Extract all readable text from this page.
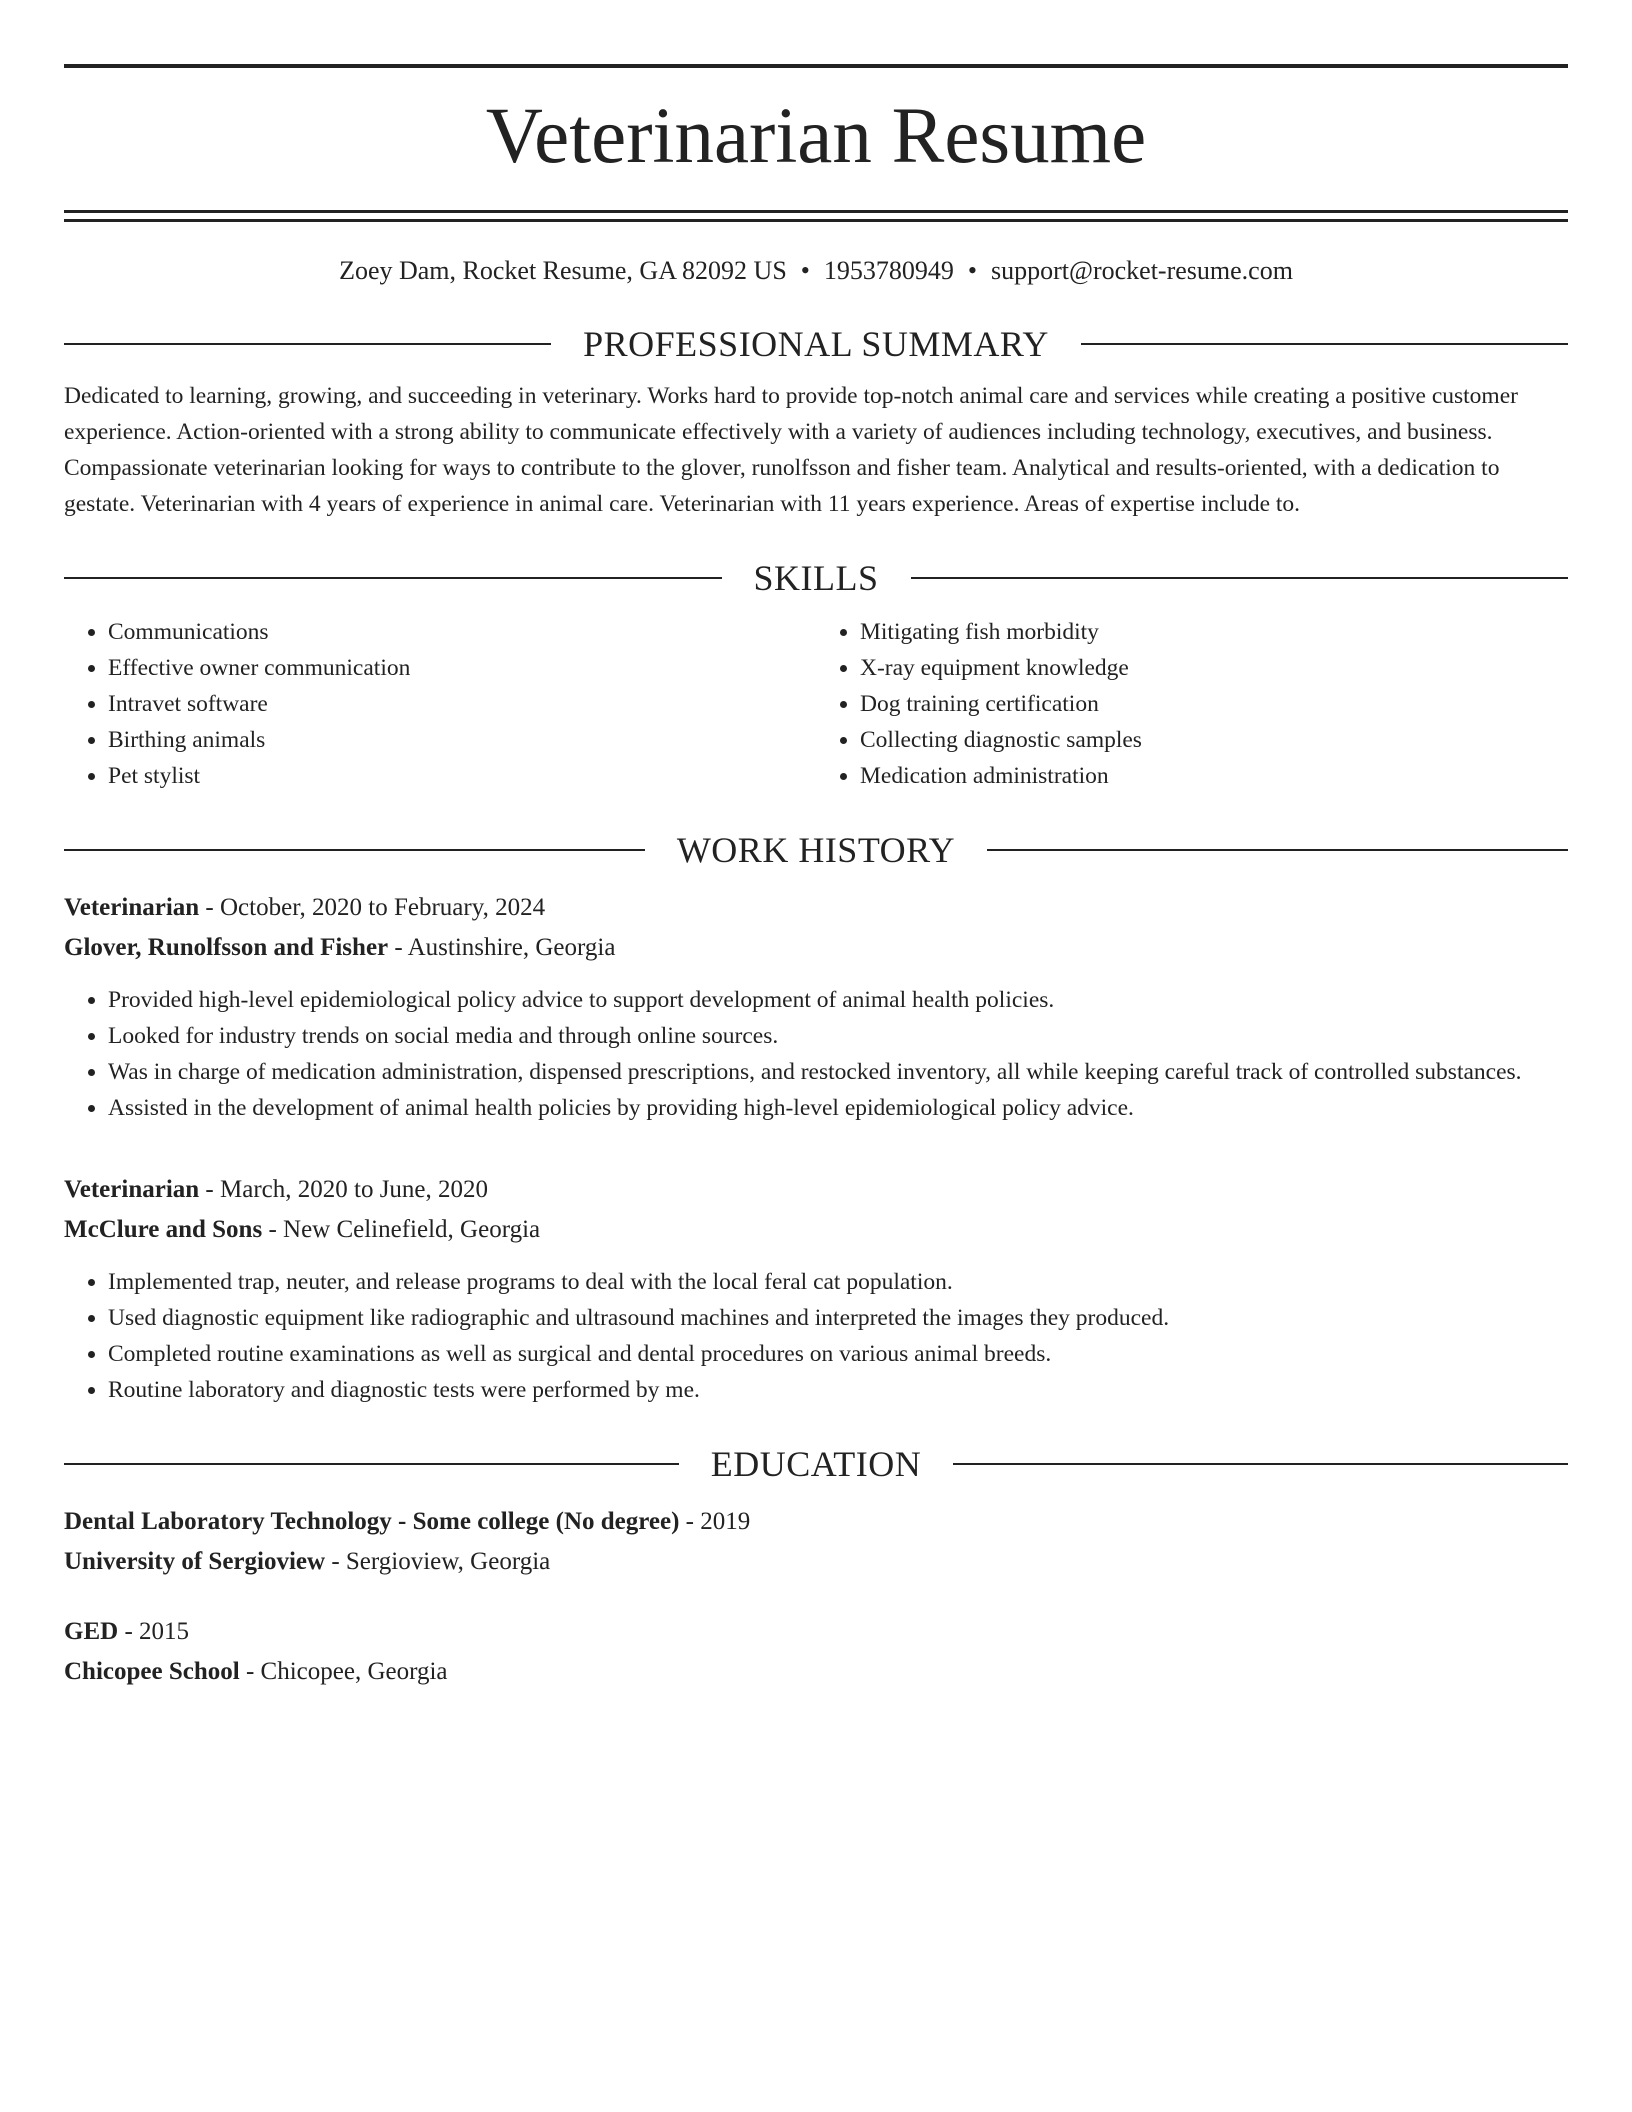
Veterinarian Resume
Zoey Dam, Rocket Resume, GA 82092 US • 1953780949 • support@rocket-resume.com
PROFESSIONAL SUMMARY

Dedicated to learning, growing, and succeeding in veterinary. Works hard to provide top-notch animal care and services while creating a positive customer experience. Action-oriented with a strong ability to communicate effectively with a variety of audiences including technology, executives, and business. Compassionate veterinarian looking for ways to contribute to the glover, runolfsson and fisher team. Analytical and results-oriented, with a dedication to gestate. Veterinarian with 4 years of experience in animal care. Veterinarian with 11 years experience. Areas of expertise include to.

SKILLS
• Communications
• Effective owner communication
• Intravet software
• Birthing animals
• Pet stylist
• Mitigating fish morbidity
• X-ray equipment knowledge
• Dog training certification
• Collecting diagnostic samples
• Medication administration
WORK HISTORY
Veterinarian - October, 2020 to February, 2024
Glover, Runolfsson and Fisher - Austinshire, Georgia
• Provided high-level epidemiological policy advice to support development of animal health policies.
• Looked for industry trends on social media and through online sources.
• Was in charge of medication administration, dispensed prescriptions, and restocked inventory, all while keeping careful track of controlled substances.
• Assisted in the development of animal health policies by providing high-level epidemiological policy advice.
Veterinarian - March, 2020 to June, 2020
McClure and Sons - New Celinefield, Georgia
• Implemented trap, neuter, and release programs to deal with the local feral cat population.
• Used diagnostic equipment like radiographic and ultrasound machines and interpreted the images they produced.
• Completed routine examinations as well as surgical and dental procedures on various animal breeds.
• Routine laboratory and diagnostic tests were performed by me.
EDUCATION
Dental Laboratory Technology - Some college (No degree) - 2019
University of Sergioview - Sergioview, Georgia
GED - 2015
Chicopee School - Chicopee, Georgia
